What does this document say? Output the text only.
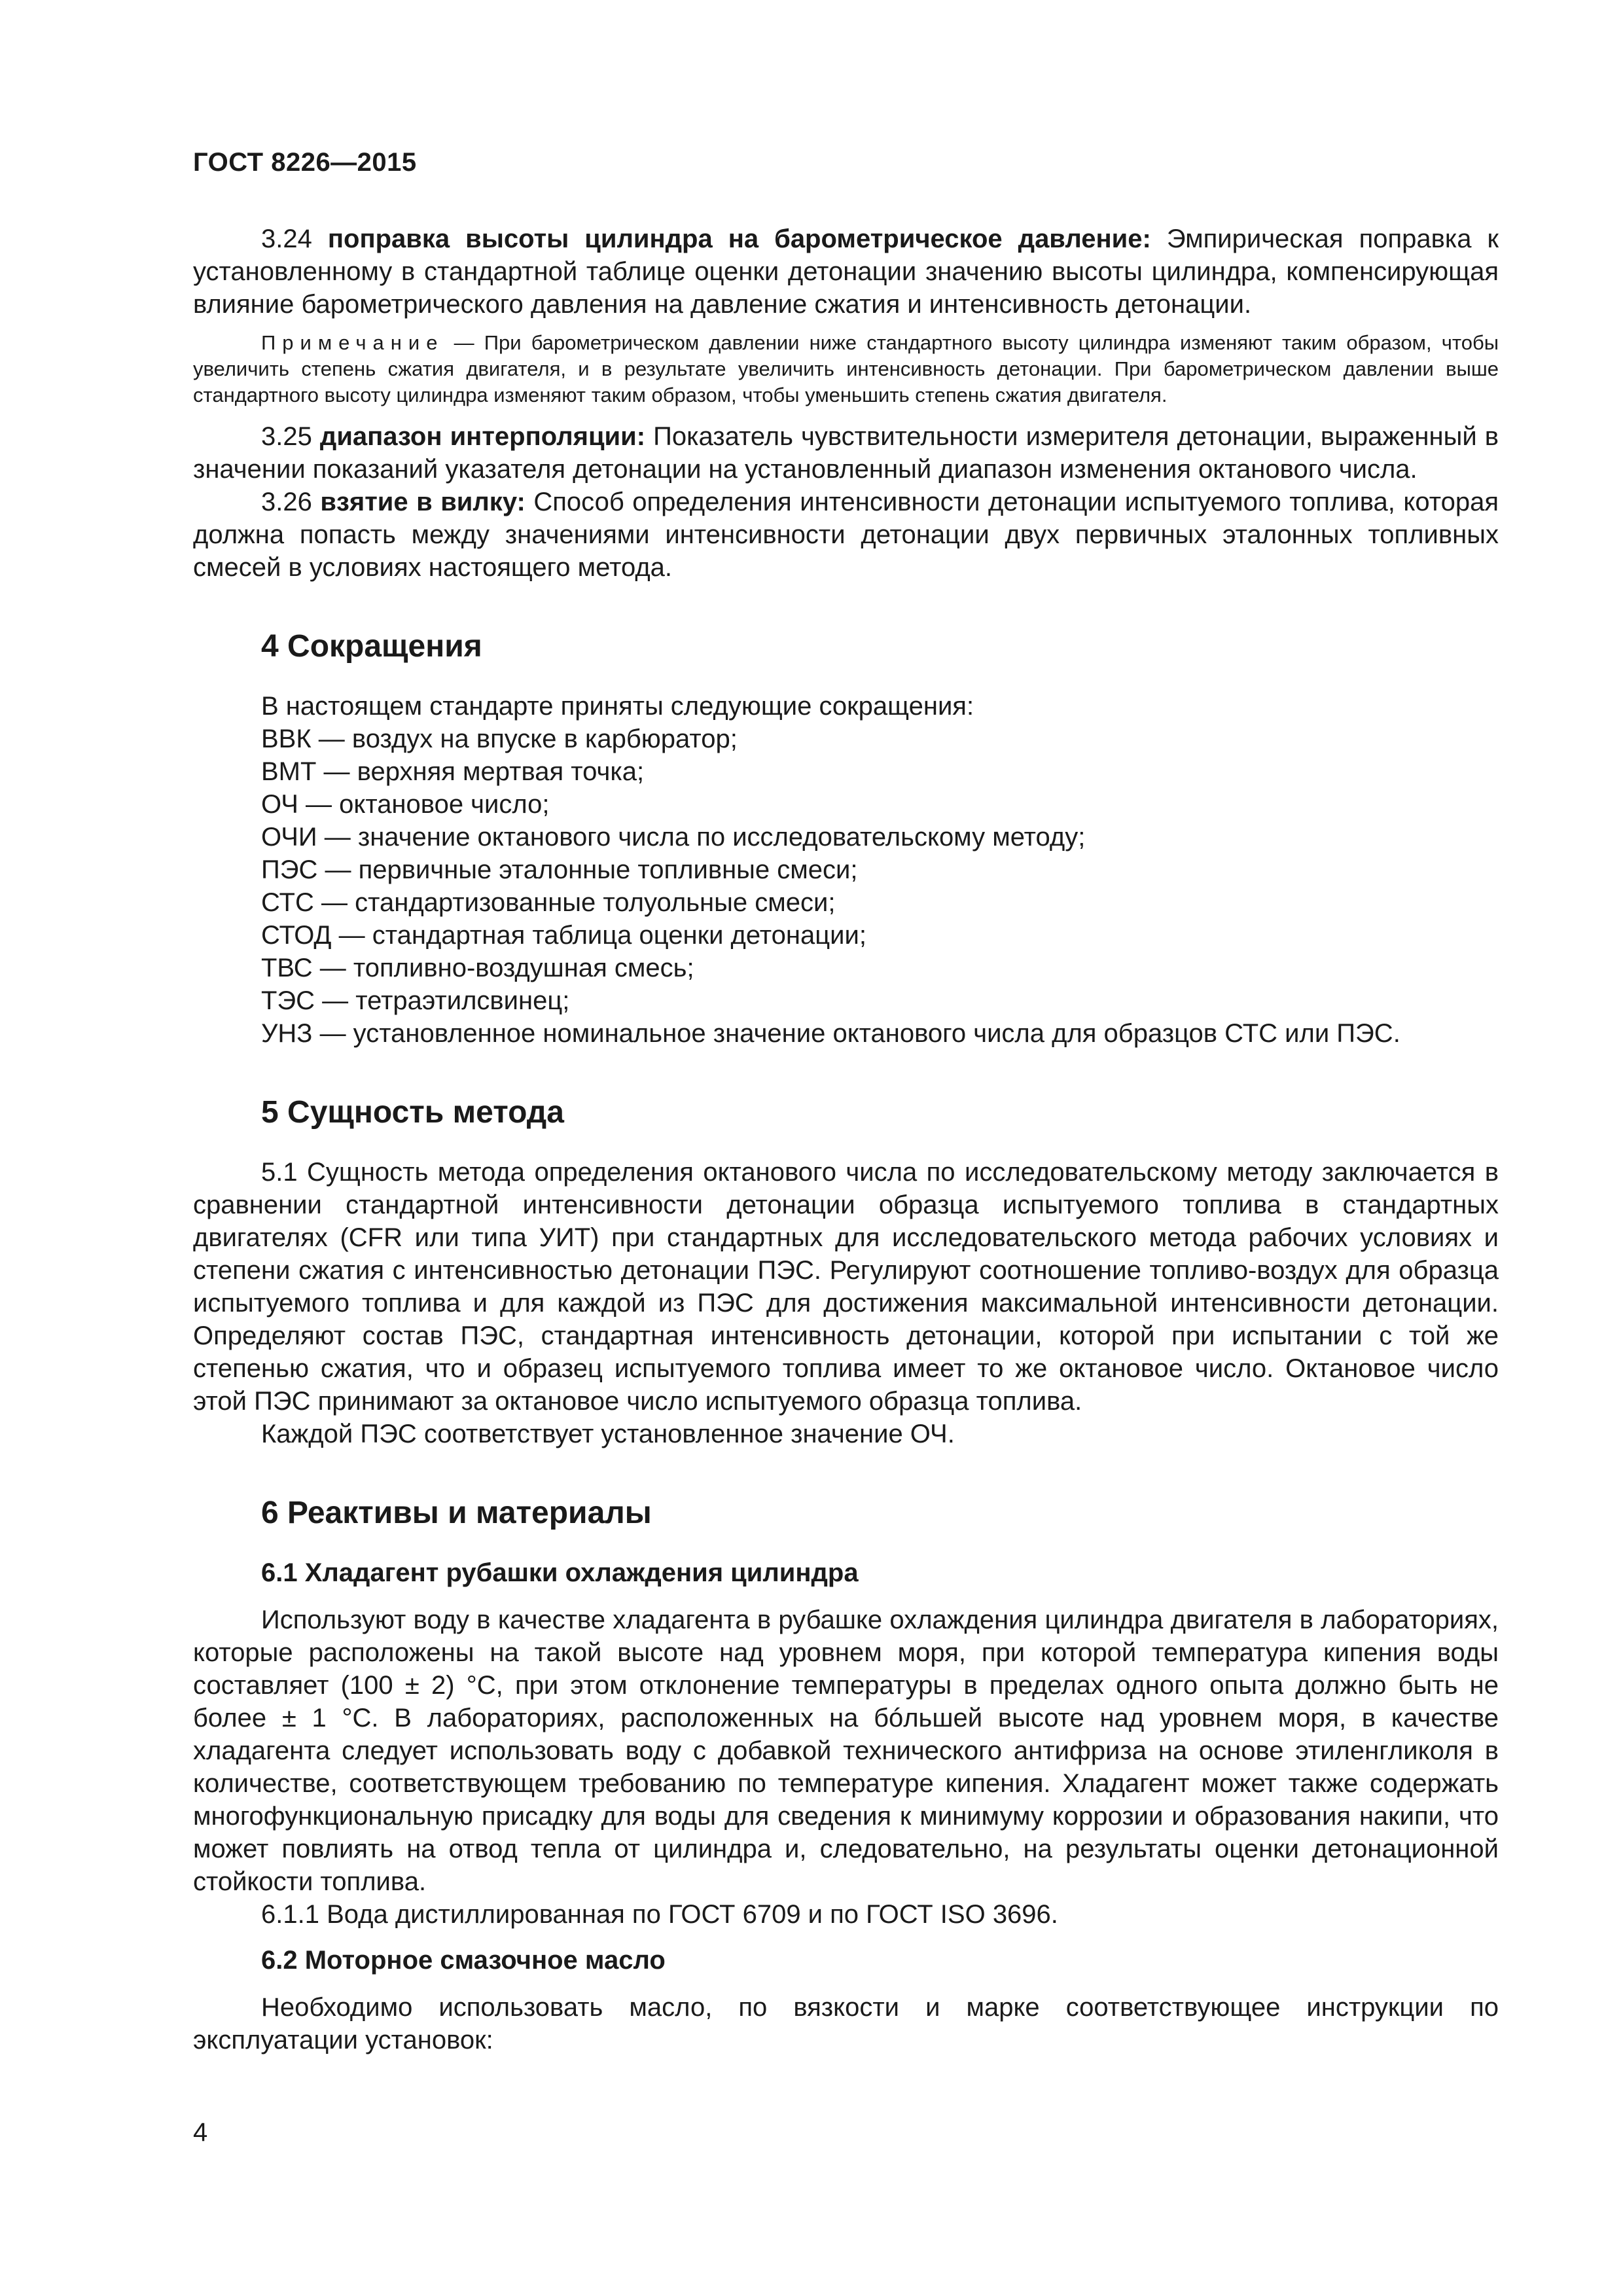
ГОСТ 8226—2015

3.24 поправка высоты цилиндра на барометрическое давление: Эмпирическая поправка к установленному в стандартной таблице оценки детонации значению высоты цилиндра, компенсирующая влияние барометрического давления на давление сжатия и интенсивность детонации.

Примечание — При барометрическом давлении ниже стандартного высоту цилиндра изменяют таким образом, чтобы увеличить степень сжатия двигателя, и в результате увеличить интенсивность детонации. При барометрическом давлении выше стандартного высоту цилиндра изменяют таким образом, чтобы уменьшить степень сжатия двигателя.

3.25 диапазон интерполяции: Показатель чувствительности измерителя детонации, выраженный в значении показаний указателя детонации на установленный диапазон изменения октанового числа.

3.26 взятие в вилку: Способ определения интенсивности детонации испытуемого топлива, которая должна попасть между значениями интенсивности детонации двух первичных эталонных топливных смесей в условиях настоящего метода.

4 Сокращения
В настоящем стандарте приняты следующие сокращения:
ВВК — воздух на впуске в карбюратор;
ВМТ — верхняя мертвая точка;
ОЧ — октановое число;
ОЧИ — значение октанового числа по исследовательскому методу;
ПЭС — первичные эталонные топливные смеси;
СТС — стандартизованные толуольные смеси;
СТОД — стандартная таблица оценки детонации;
ТВС — топливно-воздушная смесь;
ТЭС — тетраэтилсвинец;
УНЗ — установленное номинальное значение октанового числа для образцов СТС или ПЭС.
5 Сущность метода

5.1 Сущность метода определения октанового числа по исследовательскому методу заключается в сравнении стандартной интенсивности детонации образца испытуемого топлива в стандартных двигателях (CFR или типа УИТ) при стандартных для исследовательского метода рабочих условиях и степени сжатия с интенсивностью детонации ПЭС. Регулируют соотношение топливо-воздух для образца испытуемого топлива и для каждой из ПЭС для достижения максимальной интенсивности детонации. Определяют состав ПЭС, стандартная интенсивность детонации, которой при испытании с той же степенью сжатия, что и образец испытуемого топлива имеет то же октановое число. Октановое число этой ПЭС принимают за октановое число испытуемого образца топлива.

Каждой ПЭС соответствует установленное значение ОЧ.

6 Реактивы и материалы
6.1 Хладагент рубашки охлаждения цилиндра

Используют воду в качестве хладагента в рубашке охлаждения цилиндра двигателя в лабораториях, которые расположены на такой высоте над уровнем моря, при которой температура кипения воды составляет (100 ± 2) °С, при этом отклонение температуры в пределах одного опыта должно быть не более ± 1 °С. В лабораториях, расположенных на бóльшей высоте над уровнем моря, в качестве хладагента следует использовать воду с добавкой технического антифриза на основе этиленгликоля в количестве, соответствующем требованию по температуре кипения. Хладагент может также содержать многофункциональную присадку для воды для сведения к минимуму коррозии и образования накипи, что может повлиять на отвод тепла от цилиндра и, следовательно, на результаты оценки детонационной стойкости топлива.

6.1.1 Вода дистиллированная по ГОСТ 6709 и по ГОСТ ISO 3696.

6.2 Моторное смазочное масло

Необходимо использовать масло, по вязкости и марке соответствующее инструкции по эксплуатации установок:

4
